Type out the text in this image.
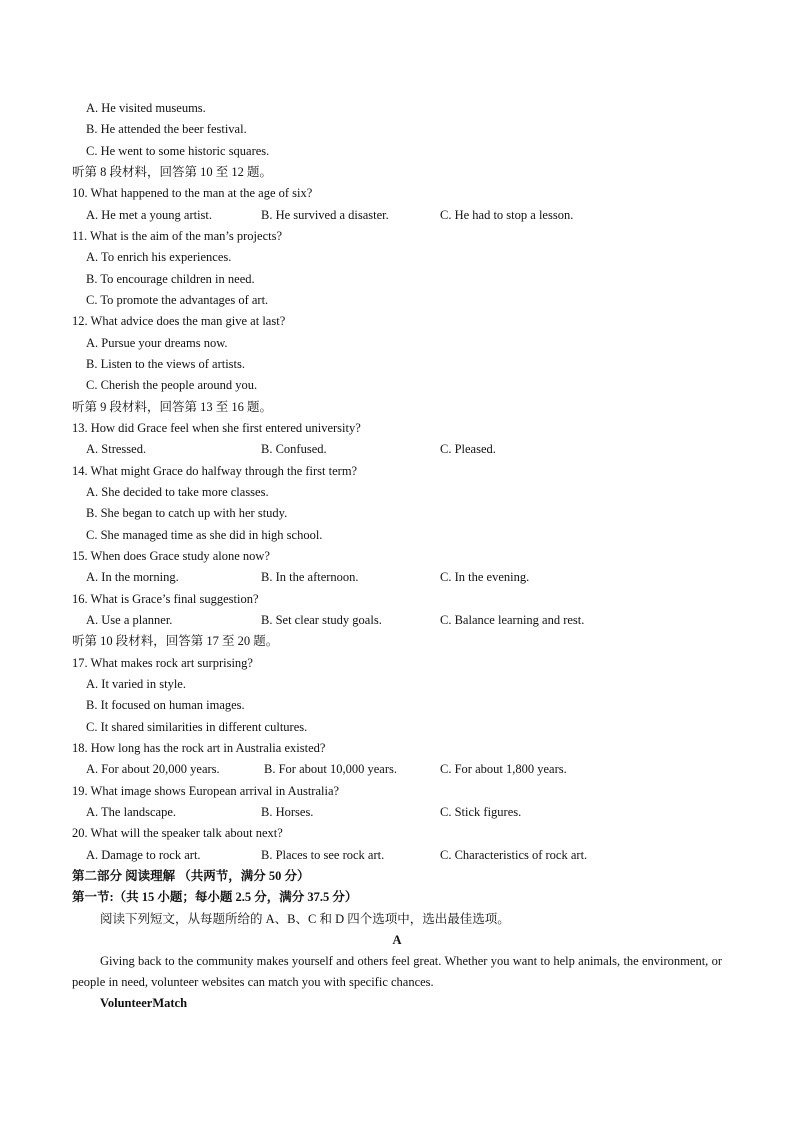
A. He visited museums.
B. He attended the beer festival.
C. He went to some historic squares.
听第 8 段材料，回答第 10 至 12 题。
10. What happened to the man at the age of six?
A. He met a young artist.	B. He survived a disaster.	C. He had to stop a lesson.
11. What is the aim of the man’s projects?
A. To enrich his experiences.
B. To encourage children in need.
C. To promote the advantages of art.
12. What advice does the man give at last?
A. Pursue your dreams now.
B. Listen to the views of artists.
C. Cherish the people around you.
听第 9 段材料，回答第 13 至 16 题。
13. How did Grace feel when she first entered university?
A. Stressed.	B. Confused.	C. Pleased.
14. What might Grace do halfway through the first term?
A. She decided to take more classes.
B. She began to catch up with her study.
C. She managed time as she did in high school.
15. When does Grace study alone now?
A. In the morning.	B. In the afternoon.	C. In the evening.
16. What is Grace’s final suggestion?
A. Use a planner.	B. Set clear study goals.	C. Balance learning and rest.
听第 10 段材料，回答第 17 至 20 题。
17. What makes rock art surprising?
A. It varied in style.
B. It focused on human images.
C. It shared similarities in different cultures.
18. How long has the rock art in Australia existed?
A. For about 20,000 years.	B. For about 10,000 years.	C. For about 1,800 years.
19. What image shows European arrival in Australia?
A. The landscape.	B. Horses.	C. Stick figures.
20. What will the speaker talk about next?
A. Damage to rock art.	B. Places to see rock art.	C. Characteristics of rock art.
第二部分 阅读理解 （共两节，满分 50 分）
第一节:（共 15 小题；每小题 2.5 分，满分 37.5 分）
阅读下列短文，从每题所给的 A、B、C 和 D 四个选项中，选出最佳选项。
A
Giving back to the community makes yourself and others feel great. Whether you want to help animals, the environment, or people in need, volunteer websites can match you with specific chances.
VolunteerMatch
